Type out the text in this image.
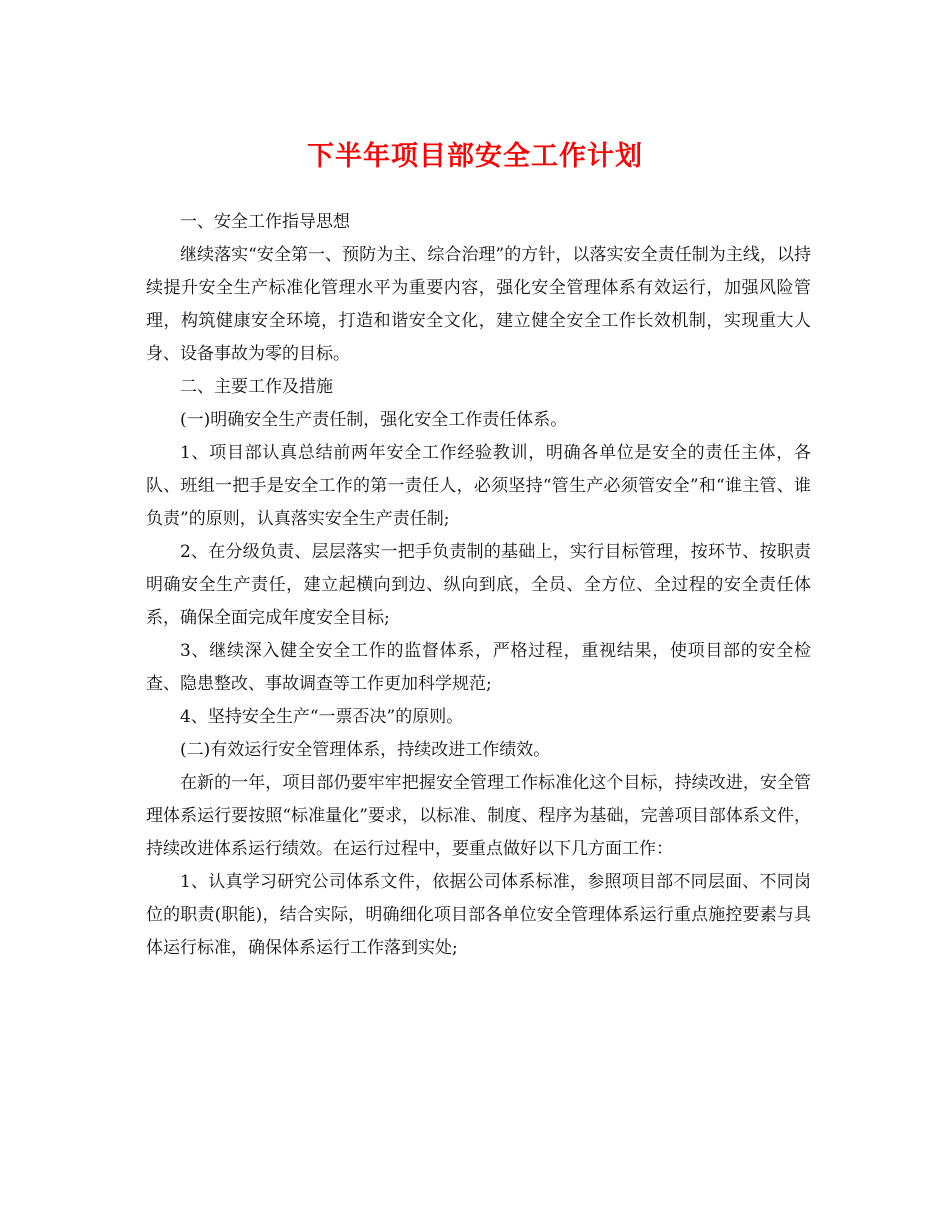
下半年项目部安全工作计划

一、安全工作指导思想

继续落实“安全第一、预防为主、综合治理”的方针，以落实安全责任制为主线，以持续提升安全生产标准化管理水平为重要内容，强化安全管理体系有效运行，加强风险管理，构筑健康安全环境，打造和谐安全文化，建立健全安全工作长效机制，实现重大人身、设备事故为零的目标。

二、主要工作及措施

(一)明确安全生产责任制，强化安全工作责任体系。

1、项目部认真总结前两年安全工作经验教训，明确各单位是安全的责任主体，各队、班组一把手是安全工作的第一责任人，必须坚持“管生产必须管安全”和“谁主管、谁负责”的原则，认真落实安全生产责任制;

2、在分级负责、层层落实一把手负责制的基础上，实行目标管理，按环节、按职责明确安全生产责任，建立起横向到边、纵向到底，全员、全方位、全过程的安全责任体系，确保全面完成年度安全目标;

3、继续深入健全安全工作的监督体系，严格过程，重视结果，使项目部的安全检查、隐患整改、事故调查等工作更加科学规范;

4、坚持安全生产“一票否决”的原则。

(二)有效运行安全管理体系，持续改进工作绩效。

在新的一年，项目部仍要牢牢把握安全管理工作标准化这个目标，持续改进，安全管理体系运行要按照“标准量化”要求，以标准、制度、程序为基础，完善项目部体系文件，持续改进体系运行绩效。在运行过程中，要重点做好以下几方面工作：

1、认真学习研究公司体系文件，依据公司体系标准，参照项目部不同层面、不同岗位的职责(职能)，结合实际，明确细化项目部各单位安全管理体系运行重点施控要素与具体运行标准，确保体系运行工作落到实处;
